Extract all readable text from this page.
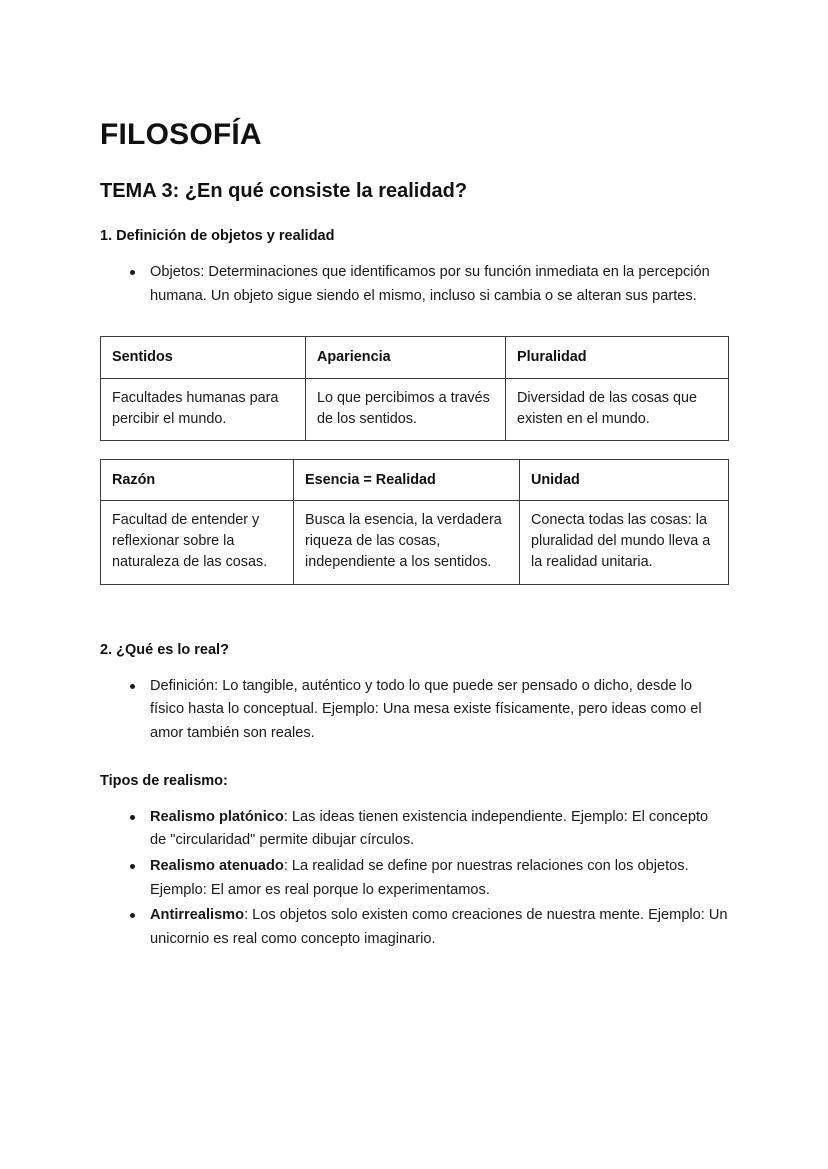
FILOSOFÍA
TEMA 3: ¿En qué consiste la realidad?
1. Definición de objetos y realidad
Objetos: Determinaciones que identificamos por su función inmediata en la percepción humana. Un objeto sigue siendo el mismo, incluso si cambia o se alteran sus partes.
Sentidos	Apariencia	Pluralidad
Facultades humanas para percibir el mundo.	Lo que percibimos a través de los sentidos.	Diversidad de las cosas que existen en el mundo.
Razón	Esencia = Realidad	Unidad
Facultad de entender y reflexionar sobre la naturaleza de las cosas.	Busca la esencia, la verdadera riqueza de las cosas, independiente a los sentidos.	Conecta todas las cosas: la pluralidad del mundo lleva a la realidad unitaria.
2. ¿Qué es lo real?
Definición: Lo tangible, auténtico y todo lo que puede ser pensado o dicho, desde lo físico hasta lo conceptual. Ejemplo: Una mesa existe físicamente, pero ideas como el amor también son reales.
Tipos de realismo:
Realismo platónico: Las ideas tienen existencia independiente. Ejemplo: El concepto de "circularidad" permite dibujar círculos.
Realismo atenuado: La realidad se define por nuestras relaciones con los objetos. Ejemplo: El amor es real porque lo experimentamos.
Antirrealismo: Los objetos solo existen como creaciones de nuestra mente. Ejemplo: Un unicornio es real como concepto imaginario.
